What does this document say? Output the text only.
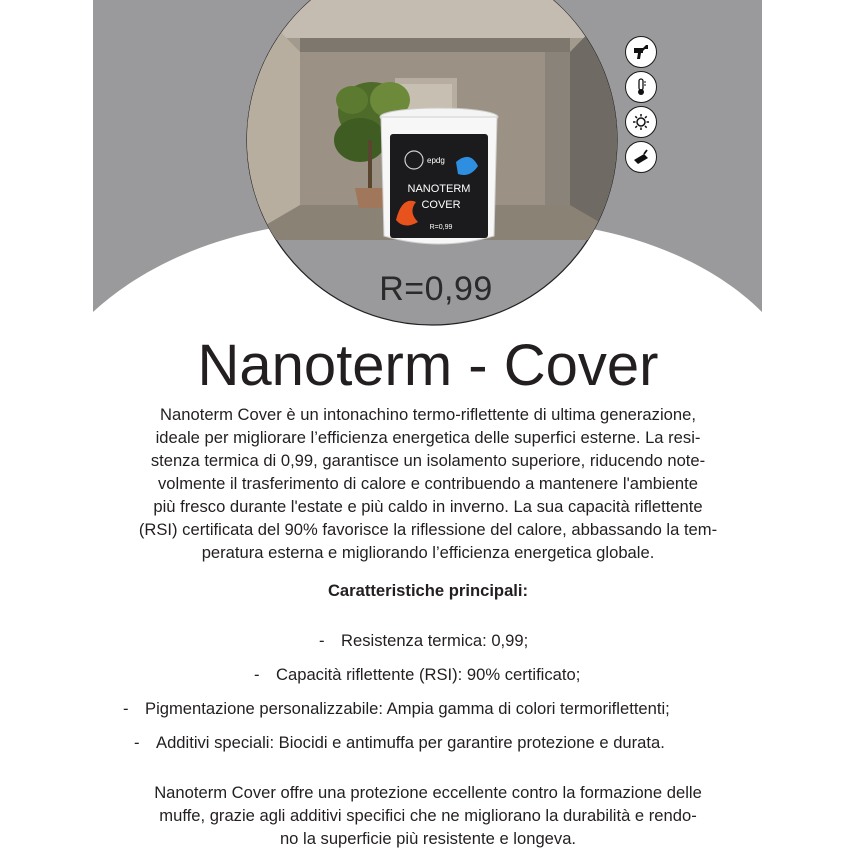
epdg
NANOTERM
COVER
R=0,99
R=0,99
Nanoterm - Cover

Nanoterm Cover è un intonachino termo-riflettente di ultima generazione,
ideale per migliorare l’efficienza energetica delle superfici esterne. La resi-
stenza termica di 0,99, garantisce un isolamento superiore, riducendo note-
volmente il trasferimento di calore e contribuendo a mantenere l'ambiente
più fresco durante l'estate e più caldo in inverno. La sua capacità riflettente
(RSI) certificata del 90% favorisce la riflessione del calore, abbassando la tem-
peratura esterna e migliorando l’efficienza energetica globale.

Caratteristiche principali:

- Resistenza termica: 0,99;
- Capacità riflettente (RSI): 90% certificato;
- Pigmentazione personalizzabile: Ampia gamma di colori termoriflettenti;
- Additivi speciali: Biocidi e antimuffa per garantire protezione e durata.

Nanoterm Cover offre una protezione eccellente contro la formazione delle
muffe, grazie agli additivi specifici che ne migliorano la durabilità e rendo-
no la superficie più resistente e longeva.
